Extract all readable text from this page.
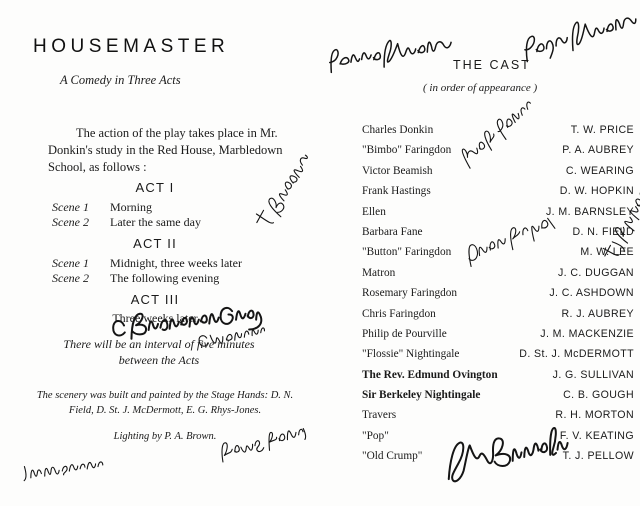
HOUSEMASTER
A Comedy in Three Acts
The action of the play takes place in Mr. Donkin's study in the Red House, Marbledown School, as follows :
ACT I
Scene 1 Morning
Scene 2 Later the same day
ACT II
Scene 1 Midnight, three weeks later
Scene 2 The following evening
ACT III
Three weeks later
There will be an interval of five minutes between the Acts
The scenery was built and painted by the Stage Hands: D. N. Field, D. St. J. McDermott, E. G. Rhys-Jones.
Lighting by P. A. Brown.
THE CAST
( in order of appearance )
Charles Donkin	T. W. PRICE
"Bimbo" Faringdon	P. A. AUBREY
Victor Beamish	C. WEARING
Frank Hastings	D. W. HOPKIN
Ellen	J. M. BARNSLEY
Barbara Fane	D. N. FIELD
"Button" Faringdon	M. W. LEE
Matron	J. C. DUGGAN
Rosemary Faringdon	J. C. ASHDOWN
Chris Faringdon	R. J. AUBREY
Philip de Pourville	J. M. MACKENZIE
"Flossie" Nightingale	D. St. J. McDERMOTT
The Rev. Edmund Ovington	J. G. SULLIVAN
Sir Berkeley Nightingale	C. B. GOUGH
Travers	R. H. MORTON
"Pop"	F. V. KEATING
"Old Crump"	T. J. PELLOW
